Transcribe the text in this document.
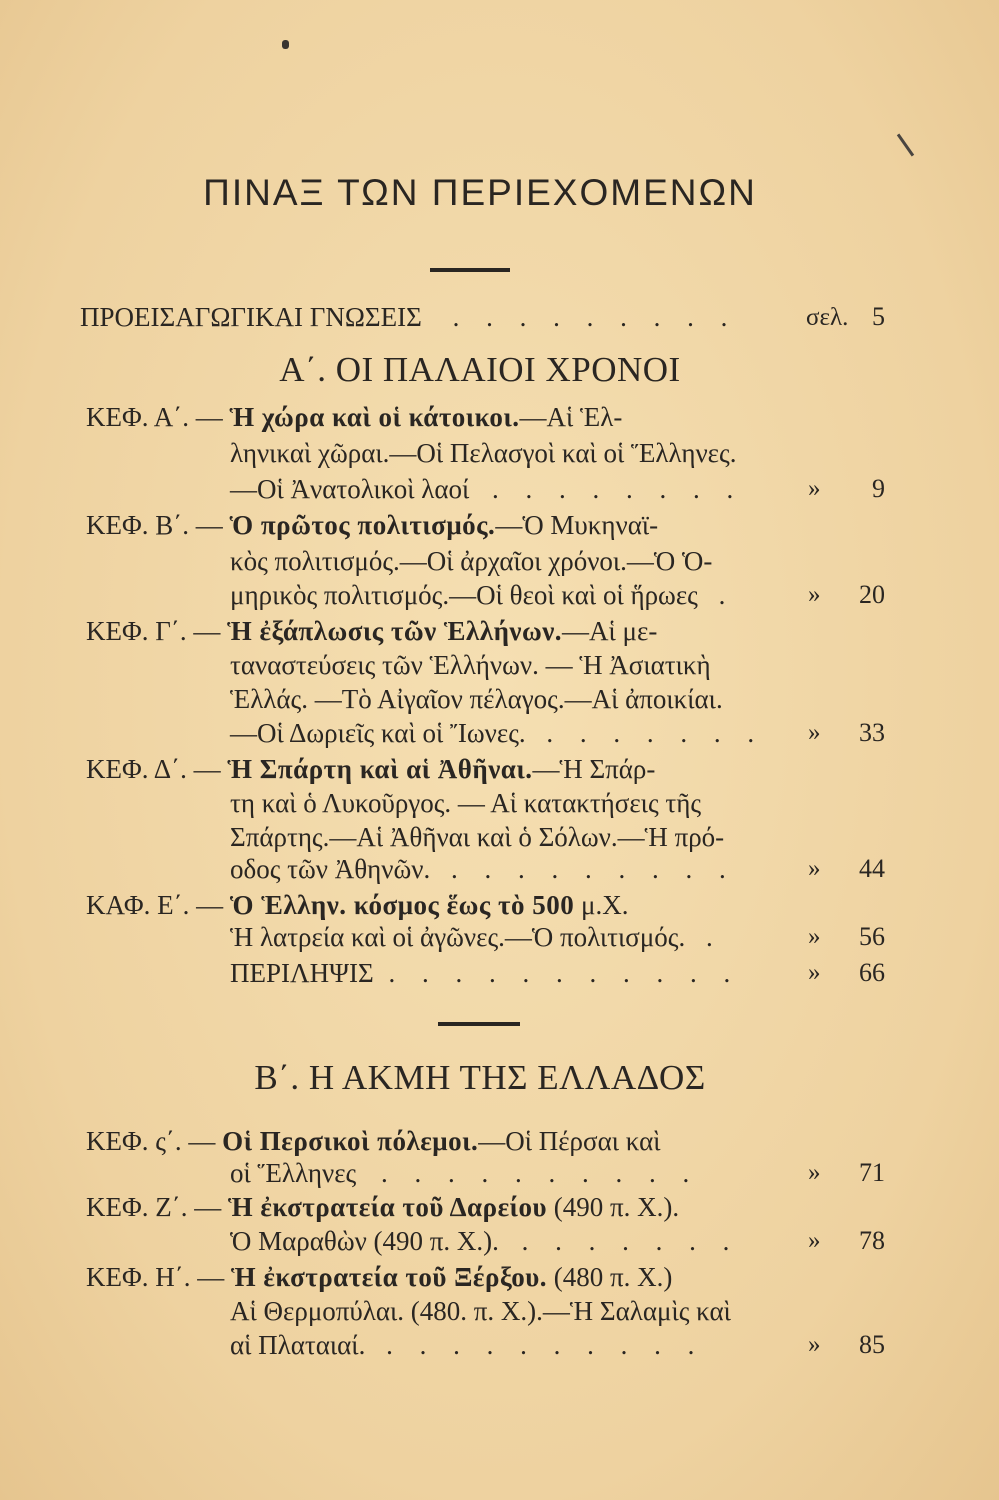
ΠΙΝΑΞ ΤΩΝ ΠΕΡΙΕΧΟΜΕΝΩΝ
ΠΡΟΕΙΣΑΓΩΓΙΚΑΙ ΓΝΩΣΕΙΣ . . . . . . . . .	σελ. 5
Α΄. ΟΙ ΠΑΛΑΙΟΙ ΧΡΟΝΟΙ
ΚΕΦ. Α΄. — Ἡ χώρα καὶ οἱ κάτοικοι.—Αἱ Ἑλ-
ληνικαὶ χῶραι.—Οἱ Πελασγοὶ καὶ οἱ Ἕλληνες.
—Οἱ Ἀνατολικοὶ λαοί . . . . . . . .	»	9
ΚΕΦ. Β΄. — Ὁ πρῶτος πολιτισμός.—Ὁ Μυκηναϊ-
κὸς πολιτισμός.—Οἱ ἀρχαῖοι χρόνοι.—Ὁ Ὁ-
μηρικὸς πολιτισμός.—Οἱ θεοὶ καὶ οἱ ἥρωες .	»	20
ΚΕΦ. Γ΄. — Ἡ ἐξάπλωσις τῶν Ἑλλήνων.—Αἱ με-
ταναστεύσεις τῶν Ἑλλήνων. — Ἡ Ἀσιατικὴ
Ἑλλάς. —Τὸ Αἰγαῖον πέλαγος.—Αἱ ἀποικίαι.
—Οἱ Δωριεῖς καὶ οἱ Ἴωνες. . . . . . . . »	33
ΚΕΦ. Δ΄. — Ἡ Σπάρτη καὶ αἱ Ἀθῆναι.—Ἡ Σπάρ-
τη καὶ ὁ Λυκοῦργος. — Αἱ κατακτήσεις τῆς
Σπάρτης.—Αἱ Ἀθῆναι καὶ ὁ Σόλων.—Ἡ πρό-
οδος τῶν Ἀθηνῶν. . . . . . . . . .	»	44
ΚΑΦ. Ε΄. — Ὁ Ἑλλην. κόσμος ἕως τὸ 500 μ.Χ.
Ἡ λατρεία καὶ οἱ ἀγῶνες.—Ὁ πολιτισμός. .	»	56
ΠΕΡΙΛΗΨΙΣ . . . . . . . . . . .	»	66
Β΄. Η ΑΚΜΗ ΤΗΣ ΕΛΛΑΔΟΣ
ΚΕΦ. ς΄. — Οἱ Περσικοὶ πόλεμοι.—Οἱ Πέρσαι καὶ
οἱ Ἕλληνες . . . . . . . . . .	»	71
ΚΕΦ. Ζ΄. — Ἡ ἐκστρατεία τοῦ Δαρείου (490 π. Χ.).
Ὁ Μαραθὼν (490 π. Χ.). . . . . . . .	»	78
ΚΕΦ. Η΄. — Ἡ ἐκστρατεία τοῦ Ξέρξου. (480 π. Χ.)
Αἱ Θερμοπύλαι. (480. π. Χ.).—Ἡ Σαλαμὶς καὶ
αἱ Πλαταιαί. . . . . . . . . . .	»	85
